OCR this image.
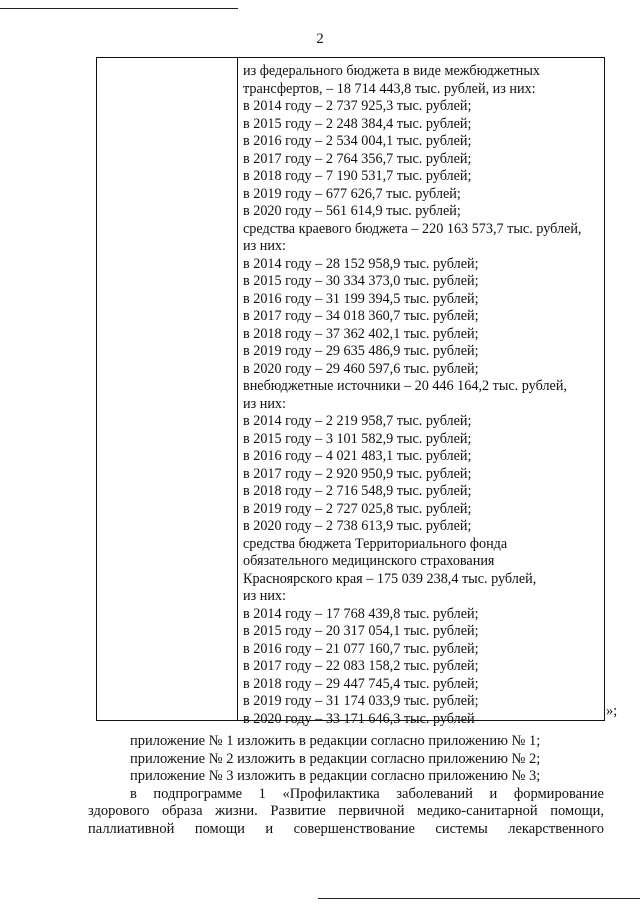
2
из федерального бюджета в виде межбюджетных
трансфертов, – 18 714 443,8 тыс. рублей, из них:
в 2014 году – 2 737 925,3 тыс. рублей;
в 2015 году – 2 248 384,4 тыс. рублей;
в 2016 году – 2 534 004,1 тыс. рублей;
в 2017 году – 2 764 356,7 тыс. рублей;
в 2018 году – 7 190 531,7 тыс. рублей;
в 2019 году – 677 626,7 тыс. рублей;
в 2020 году – 561 614,9 тыс. рублей;
средства краевого бюджета – 220 163 573,7 тыс. рублей,
из них:
в 2014 году – 28 152 958,9 тыс. рублей;
в 2015 году – 30 334 373,0 тыс. рублей;
в 2016 году – 31 199 394,5 тыс. рублей;
в 2017 году – 34 018 360,7 тыс. рублей;
в 2018 году – 37 362 402,1 тыс. рублей;
в 2019 году – 29 635 486,9 тыс. рублей;
в 2020 году – 29 460 597,6 тыс. рублей;
внебюджетные источники – 20 446 164,2 тыс. рублей,
из них:
в 2014 году – 2 219 958,7 тыс. рублей;
в 2015 году – 3 101 582,9 тыс. рублей;
в 2016 году – 4 021 483,1 тыс. рублей;
в 2017 году – 2 920 950,9 тыс. рублей;
в 2018 году – 2 716 548,9 тыс. рублей;
в 2019 году – 2 727 025,8 тыс. рублей;
в 2020 году – 2 738 613,9 тыс. рублей;
средства бюджета Территориального фонда
обязательного медицинского страхования
Красноярского края – 175 039 238,4 тыс. рублей,
из них:
в 2014 году – 17 768 439,8 тыс. рублей;
в 2015 году – 20 317 054,1 тыс. рублей;
в 2016 году – 21 077 160,7 тыс. рублей;
в 2017 году – 22 083 158,2 тыс. рублей;
в 2018 году – 29 447 745,4 тыс. рублей;
в 2019 году – 31 174 033,9 тыс. рублей;
в 2020 году – 33 171 646,3 тыс. рублей	»;
приложение № 1 изложить в редакции согласно приложению № 1;
приложение № 2 изложить в редакции согласно приложению № 2;
приложение № 3 изложить в редакции согласно приложению № 3;
в подпрограмме 1 «Профилактика заболеваний и формирование
здорового образа жизни. Развитие первичной медико-санитарной помощи,
паллиативной помощи и совершенствование системы лекарственного
